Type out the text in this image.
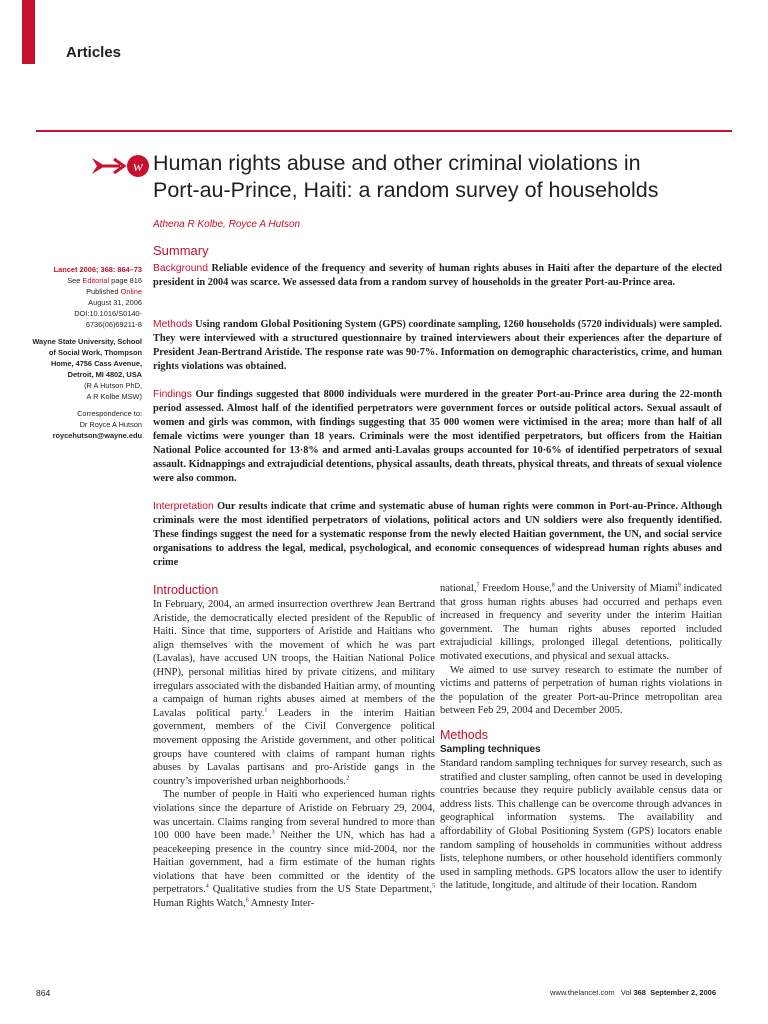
Articles
w Human rights abuse and other criminal violations in
Port-au-Prince, Haiti: a random survey of households
Athena R Kolbe, Royce A Hutson
Lancet 2006; 368: 864–73
See Editorial page 816
Published Online
August 31, 2006
DOI:10.1016/S0140-
6736(06)69211-8
Wayne State University, School
of Social Work, Thompson
Home, 4756 Cass Avenue,
Detroit, MI 4802, USA
(R A Hutson PhD,
A R Kolbe MSW)
Correspondence to:
Dr Royce A Hutson
roycehutson@wayne.edu
Summary
Background Reliable evidence of the frequency and severity of human rights abuses in Haiti after the departure of the elected president in 2004 was scarce. We assessed data from a random survey of households in the greater Port-au-Prince area.
Methods Using random Global Positioning System (GPS) coordinate sampling, 1260 households (5720 individuals) were sampled. They were interviewed with a structured questionnaire by trained interviewers about their experiences after the departure of President Jean-Bertrand Aristide. The response rate was 90·7%. Information on demographic characteristics, crime, and human rights violations was obtained.
Findings Our findings suggested that 8000 individuals were murdered in the greater Port-au-Prince area during the 22-month period assessed. Almost half of the identified perpetrators were government forces or outside political actors. Sexual assault of women and girls was common, with findings suggesting that 35 000 women were victimised in the area; more than half of all female victims were younger than 18 years. Criminals were the most identified perpetrators, but officers from the Haitian National Police accounted for 13·8% and armed anti-Lavalas groups accounted for 10·6% of identified perpetrators of sexual assault. Kidnappings and extrajudicial detentions, physical assaults, death threats, physical threats, and threats of sexual violence were also common.
Interpretation Our results indicate that crime and systematic abuse of human rights were common in Port-au-Prince. Although criminals were the most identified perpetrators of violations, political actors and UN soldiers were also frequently identified. These findings suggest the need for a systematic response from the newly elected Haitian government, the UN, and social service organisations to address the legal, medical, psychological, and economic consequences of widespread human rights abuses and crime
Introduction

In February, 2004, an armed insurrection overthrew Jean Bertrand Aristide, the democratically elected president of the Republic of Haiti. Since that time, supporters of Aristide and Haitians who align themselves with the movement of which he was part (Lavalas), have accused UN troops, the Haitian National Police (HNP), personal militias hired by private citizens, and military irregulars associated with the disbanded Haitian army, of mounting a campaign of human rights abuses aimed at members of the Lavalas political party.$^1$ Leaders in the interim Haitian government, members of the Civil Convergence political movement opposing the Aristide government, and other political groups have countered with claims of rampant human rights abuses by Lavalas partisans and pro-Aristide gangs in the country’s impoverished urban neighborhoods.$^2$

The number of people in Haiti who experienced human rights violations since the departure of Aristide on February 29, 2004, was uncertain. Claims ranging from several hundred to more than 100 000 have been made.$^3$ Neither the UN, which has had a peacekeeping presence in the country since mid-2004, nor the Haitian government, had a firm estimate of the human rights violations that have been committed or the identity of the perpetrators.$^4$ Qualitative studies from the US State Department,$^5$ Human Rights Watch,$^6$ Amnesty Inter-

national,$^7$ Freedom House,$^8$ and the University of Miami$^9$ indicated that gross human rights abuses had occurred and perhaps even increased in frequency and severity under the interim Haitian government. The human rights abuses reported included extrajudicial killings, prolonged illegal detentions, politically motivated executions, and physical and sexual attacks.

We aimed to use survey research to estimate the number of victims and patterns of perpetration of human rights violations in the population of the greater Port-au-Prince metropolitan area between Feb 29, 2004 and December 2005.

Methods
Sampling techniques

Standard random sampling techniques for survey research, such as stratified and cluster sampling, often cannot be used in developing countries because they require publicly available census data or address lists. This challenge can be overcome through advances in geographical information systems. The availability and affordability of Global Positioning System (GPS) locators enable random sampling of households in communities without address lists, telephone numbers, or other household identifiers commonly used in sampling methods. GPS locators allow the user to identify the latitude, longitude, and altitude of their location. Random

864	www.thelancet.com Vol 368 September 2, 2006
